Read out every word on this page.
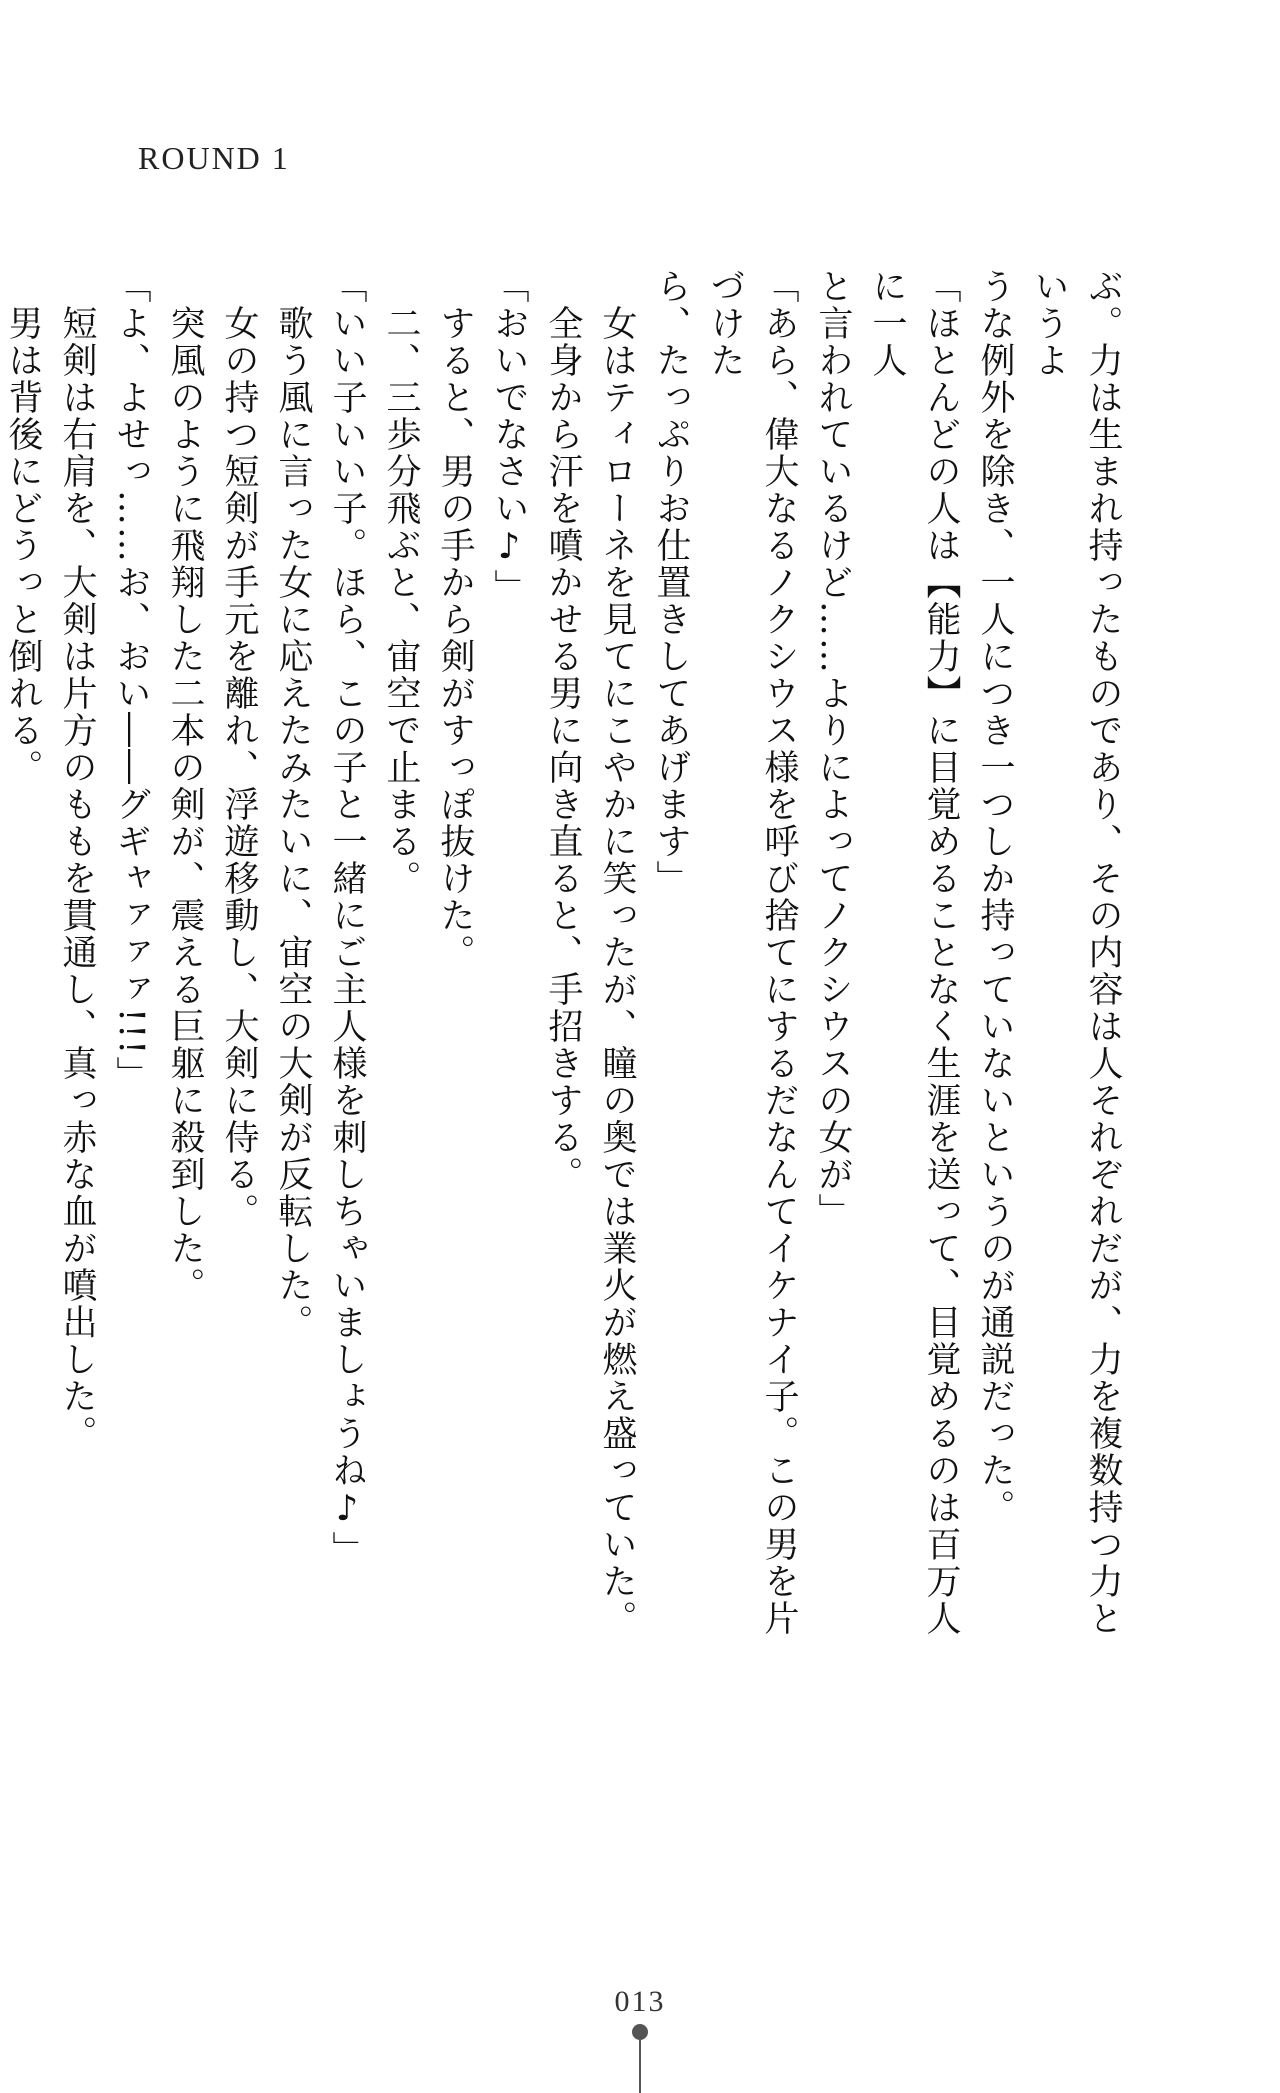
ROUND 1

ぶ。力は生まれ持ったものであり、その内容は人それぞれだが、力を複数持つ力というよ

うな例外を除き、一人につき一つしか持っていないというのが通説だった。

「ほとんどの人は【能力】に目覚めることなく生涯を送って、目覚めるのは百万人に一人

と言われているけど……よりによってノクシウスの女が」

「あら、偉大なるノクシウス様を呼び捨てにするだなんてイケナイ子。この男を片づけた

ら、たっぷりお仕置きしてあげます」

　女はティローネを見てにこやかに笑ったが、瞳の奥では業火が燃え盛っていた。

　全身から汗を噴かせる男に向き直ると、手招きする。

「おいでなさい♪」

　すると、男の手から剣がすっぽ抜けた。

　二、三歩分飛ぶと、宙空で止まる。

「いい子いい子。ほら、この子と一緒にご主人様を刺しちゃいましょうね♪」

　歌う風に言った女に応えたみたいに、宙空の大剣が反転した。

　女の持つ短剣が手元を離れ、浮遊移動し、大剣に侍る。

　突風のように飛翔した二本の剣が、震える巨躯に殺到した。

「よ、よせっ……お、おい――グギャァァァ!!!」

　短剣は右肩を、大剣は片方のももを貫通し、真っ赤な血が噴出した。

　男は背後にどうっと倒れる。

013
